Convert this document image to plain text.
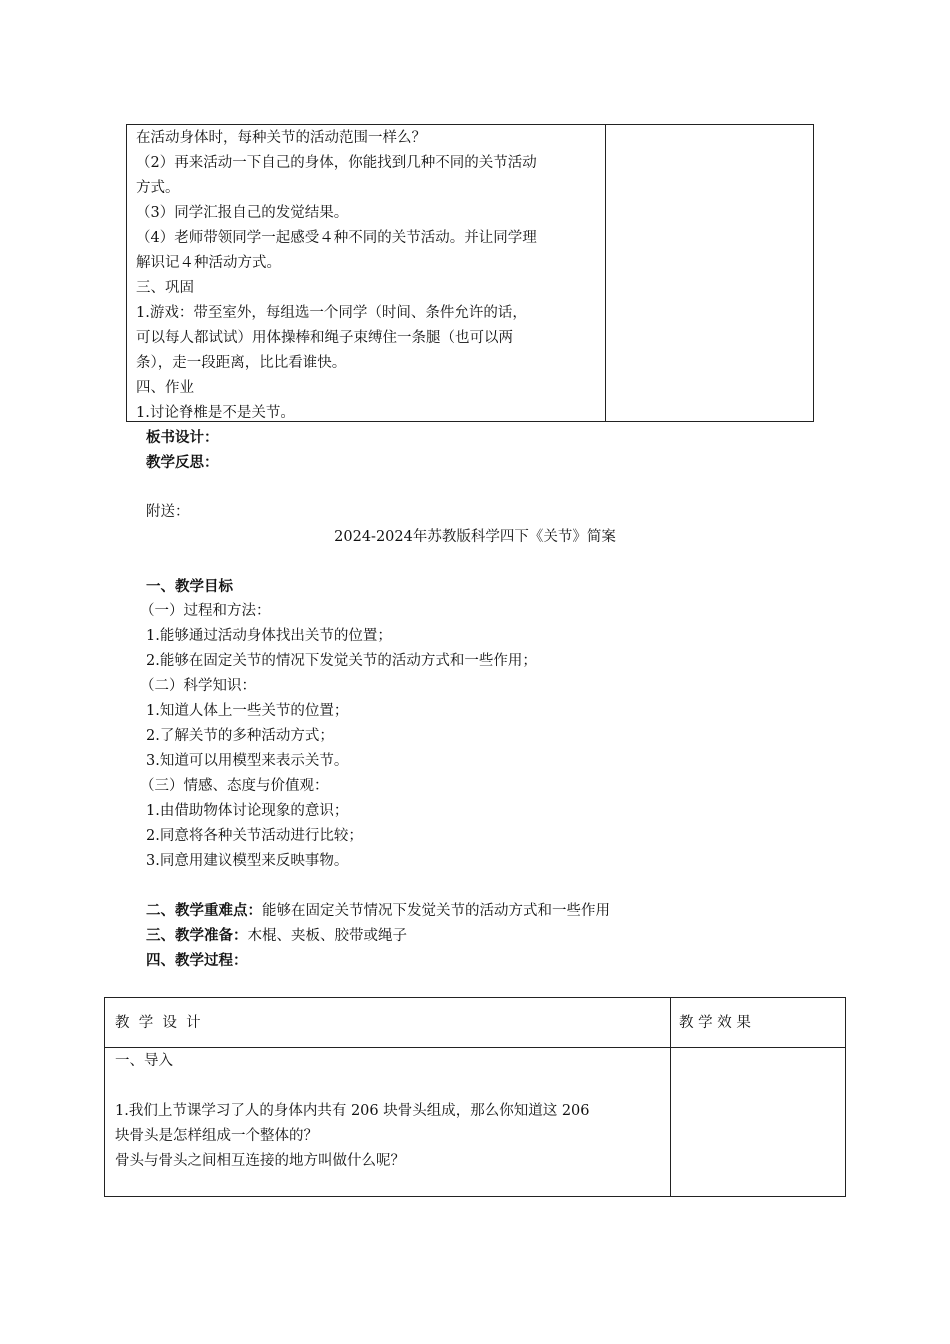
在活动身体时，每种关节的活动范围一样么？
（2）再来活动一下自己的身体，你能找到几种不同的关节活动
方式。
（3）同学汇报自己的发觉结果。
（4）老师带领同学一起感受４种不同的关节活动。并让同学理
解识记４种活动方式。
三、巩固
1.游戏：带至室外，每组选一个同学（时间、条件允许的话，
可以每人都试试）用体操棒和绳子束缚住一条腿（也可以两
条），走一段距离，比比看谁快。
四、作业
1.讨论脊椎是不是关节。
板书设计：
教学反思：
附送：
2024-2024年苏教版科学四下《关节》简案
一、教学目标
（一）过程和方法：
1.能够通过活动身体找出关节的位置；
2.能够在固定关节的情况下发觉关节的活动方式和一些作用；
（二）科学知识：
1.知道人体上一些关节的位置；
2.了解关节的多种活动方式；
3.知道可以用模型来表示关节。
（三）情感、态度与价值观：
1.由借助物体讨论现象的意识；
2.同意将各种关节活动进行比较；
3.同意用建议模型来反映事物。
二、教学重难点：能够在固定关节情况下发觉关节的活动方式和一些作用
三、教学准备：木棍、夹板、胶带或绳子
四、教学过程：
教  学  设  计	教 学 效 果
一、导入
1.我们上节课学习了人的身体内共有 206 块骨头组成，那么你知道这 206
块骨头是怎样组成一个整体的？
骨头与骨头之间相互连接的地方叫做什么呢？
